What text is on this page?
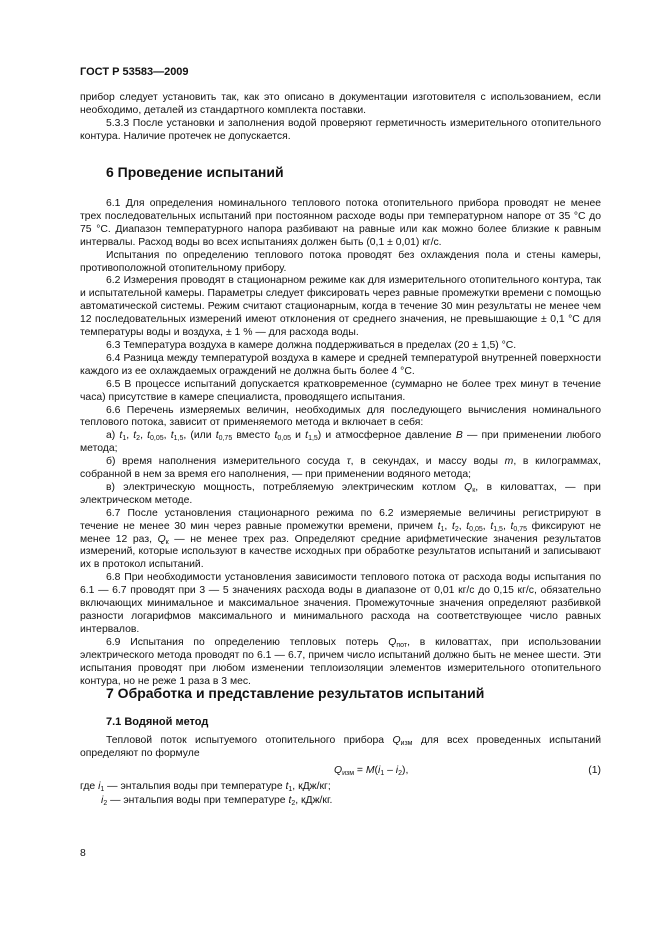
ГОСТ Р 53583—2009

прибор следует установить так, как это описано в документации изготовителя с использованием, если необходимо, деталей из стандартного комплекта поставки.

5.3.3 После установки и заполнения водой проверяют герметичность измерительного отопительного контура. Наличие протечек не допускается.

6 Проведение испытаний

6.1 Для определения номинального теплового потока отопительного прибора проводят не менее трех последовательных испытаний при постоянном расходе воды при температурном напоре от 35 °С до 75 °С. Диапазон температурного напора разбивают на равные или как можно более близкие к равным интервалы. Расход воды во всех испытаниях должен быть (0,1 ± 0,01) кг/с.

Испытания по определению теплового потока проводят без охлаждения пола и стены камеры, противоположной отопительному прибору.

6.2 Измерения проводят в стационарном режиме как для измерительного отопительного контура, так и испытательной камеры. Параметры следует фиксировать через равные промежутки времени с помощью автоматической системы. Режим считают стационарным, когда в течение 30 мин результаты не менее чем 12 последовательных измерений имеют отклонения от среднего значения, не превышающие ± 0,1 °С для температуры воды и воздуха, ± 1 % — для расхода воды.

6.3 Температура воздуха в камере должна поддерживаться в пределах (20 ± 1,5) °С.

6.4 Разница между температурой воздуха в камере и средней температурой внутренней поверхности каждого из ее охлаждаемых ограждений не должна быть более 4 °С.

6.5 В процессе испытаний допускается кратковременное (суммарно не более трех минут в течение часа) присутствие в камере специалиста, проводящего испытания.

6.6 Перечень измеряемых величин, необходимых для последующего вычисления номинального теплового потока, зависит от применяемого метода и включает в себя:

а) $t_1$, $t_2$, $t_{0,05}$, $t_{1,5}$, (или $t_{0,75}$ вместо $t_{0,05}$ и $t_{1,5}$) и атмосферное давление B — при применении любого метода;

б) время наполнения измерительного сосуда τ, в секундах, и массу воды m, в килограммах, собранной в нем за время его наполнения, — при применении водяного метода;

в) электрическую мощность, потребляемую электрическим котлом $Q_к$, в киловаттах, — при электрическом методе.

6.7 После установления стационарного режима по 6.2 измеряемые величины регистрируют в течение не менее 30 мин через равные промежутки времени, причем $t_1$, $t_2$, $t_{0,05}$, $t_{1,5}$, $t_{0,75}$ фиксируют не менее 12 раз, $Q_к$ — не менее трех раз. Определяют средние арифметические значения результатов измерений, которые используют в качестве исходных при обработке результатов испытаний и записывают их в протокол испытаний.

6.8 При необходимости установления зависимости теплового потока от расхода воды испытания по 6.1 — 6.7 проводят при 3 — 5 значениях расхода воды в диапазоне от 0,01 кг/с до 0,15 кг/с, обязательно включающих минимальное и максимальное значения. Промежуточные значения определяют разбивкой разности логарифмов максимального и минимального расхода на соответствующее число равных интервалов.

6.9 Испытания по определению тепловых потерь $Q_{пот}$, в киловаттах, при использовании электрического метода проводят по 6.1 — 6.7, причем число испытаний должно быть не менее шести. Эти испытания проводят при любом изменении теплоизоляции элементов измерительного отопительного контура, но не реже 1 раза в 3 мес.

7 Обработка и представление результатов испытаний
7.1 Водяной метод

Тепловой поток испытуемого отопительного прибора $Q_{изм}$ для всех проведенных испытаний определяют по формуле

$Q_{изм} = M(i_1 - i_2)$,	(1)
где $i_1$ — энтальпия воды при температуре $t_1$, кДж/кг;
$i_2$ — энтальпия воды при температуре $t_2$, кДж/кг.
8
